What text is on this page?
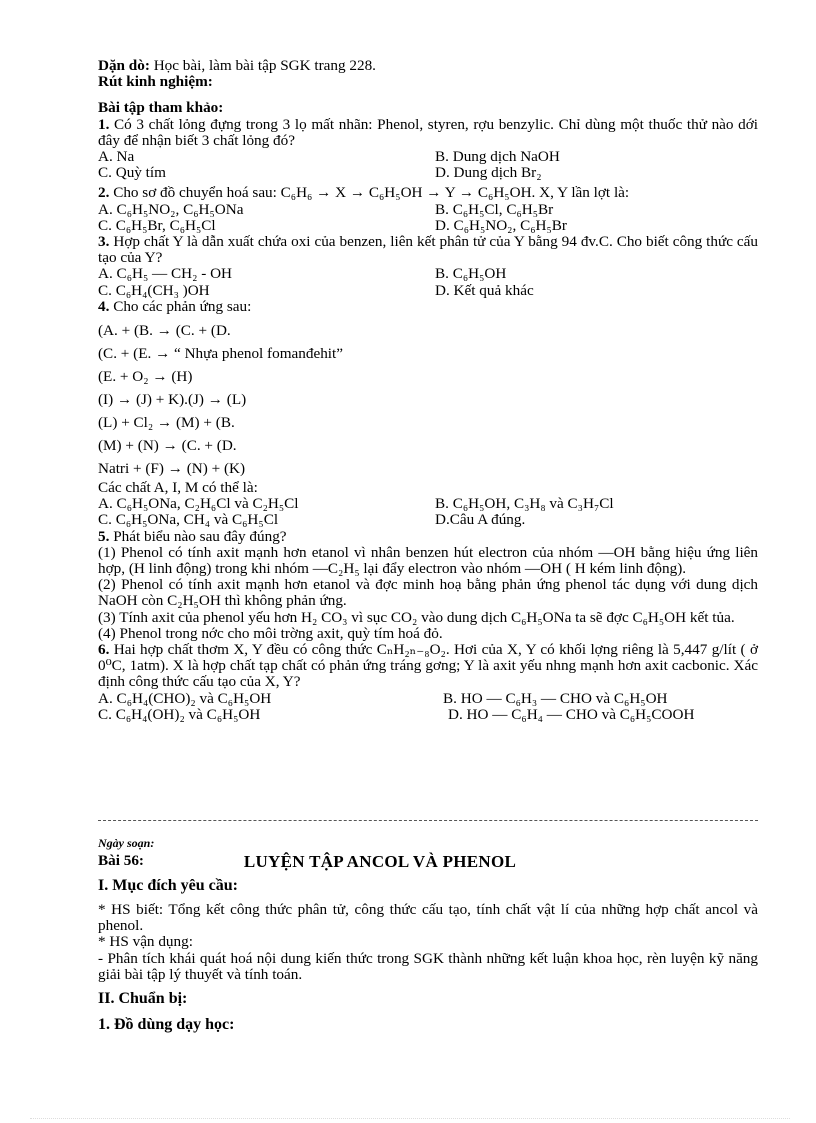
Dặn dò: Học bài, làm bài tập SGK trang 228.
Rút kinh nghiệm:
Bài tập tham khảo:
1. Có 3 chất lỏng đựng trong 3 lọ mất nhãn: Phenol, styren, rợu benzylic. Chỉ dùng một thuốc thử nào dới đây để nhận biết 3 chất lỏng đó?
A. Na	B. Dung dịch NaOH
C. Quỳ tím	D. Dung dịch Br₂
2. Cho sơ đồ chuyển hoá sau: C₆H₆ → X → C₆H₅OH → Y → C₆H₅OH. X, Y lần lợt là:
A. C₆H₅NO₂, C₆H₅ONa	B. C₆H₅Cl, C₆H₅Br
C. C₆H₅Br, C₆H₅Cl	D. C₆H₅NO₂, C₆H₅Br
3. Hợp chất Y là dẫn xuất chứa oxi của benzen, liên kết phân tử của Y bằng 94 đv.C. Cho biết công thức cấu tạo của Y?
A. C₆H₅ — CH₂ - OH	B. C₆H₅OH
C. C₆H₄(CH₃ )OH	D. Kết quả khác
4. Cho các phản ứng sau:
(A. + (B. → (C. + (D.
(C. + (E. → “ Nhựa phenol fomanđehit”
(E. + O₂ → (H)
(I) → (J) + K).(J) → (L)
(L) + Cl₂ → (M) + (B.
(M) + (N) → (C. + (D.
Natri + (F) → (N) + (K)
Các chất A, I, M có thể là:
A. C₆H₅ONa, C₂H₆Cl và C₂H₅Cl	B. C₆H₅OH, C₃H₈ và C₃H₇Cl
C. C₆H₅ONa, CH₄ và C₆H₅Cl	D.Câu A đúng.
5. Phát biểu nào sau đây đúng?
(1) Phenol có tính axit mạnh hơn etanol vì nhân benzen hút electron của nhóm —OH bằng hiệu ứng liên hợp, (H linh động) trong khi nhóm —C₂H₅ lại đẩy electron vào nhóm —OH ( H kém linh động).
(2) Phenol có tính axit mạnh hơn etanol và đợc minh hoạ bằng phản ứng phenol tác dụng với dung dịch NaOH còn C₂H₅OH thì không phản ứng.
(3) Tính axit của phenol yếu hơn H₂ CO₃ vì sục CO₂ vào dung dịch C₆H₅ONa ta sẽ đợc C₆H₅OH kết tủa.
(4) Phenol trong nớc cho môi trờng axit, quỳ tím hoá đỏ.
6. Hai hợp chất thơm X, Y đều có công thức CₙH₂ₙ₋₈O₂. Hơi của X, Y có khối lợng riêng là 5,447 g/lít ( ở 0⁰C, 1atm). X là hợp chất tạp chất có phản ứng tráng gơng; Y là axit yếu nhng mạnh hơn axit cacbonic. Xác định công thức cấu tạo của X, Y?
A. C₆H₄(CHO)₂ và C₆H₅OH	B. HO — C₆H₃ — CHO và C₆H₅OH
C. C₆H₄(OH)₂ và C₆H₅OH	D. HO — C₆H₄ — CHO và C₆H₅COOH
Ngày soạn:
Bài 56:	LUYỆN TẬP ANCOL VÀ PHENOL
I. Mục đích yêu cầu:
* HS biết: Tổng kết công thức phân tử, công thức cấu tạo, tính chất vật lí của những hợp chất ancol và phenol.
* HS vận dụng:
- Phân tích khái quát hoá nội dung kiến thức trong SGK thành những kết luận khoa học, rèn luyện kỹ năng giải bài tập lý thuyết và tính toán.
II. Chuẩn bị:
1. Đồ dùng dạy học:
